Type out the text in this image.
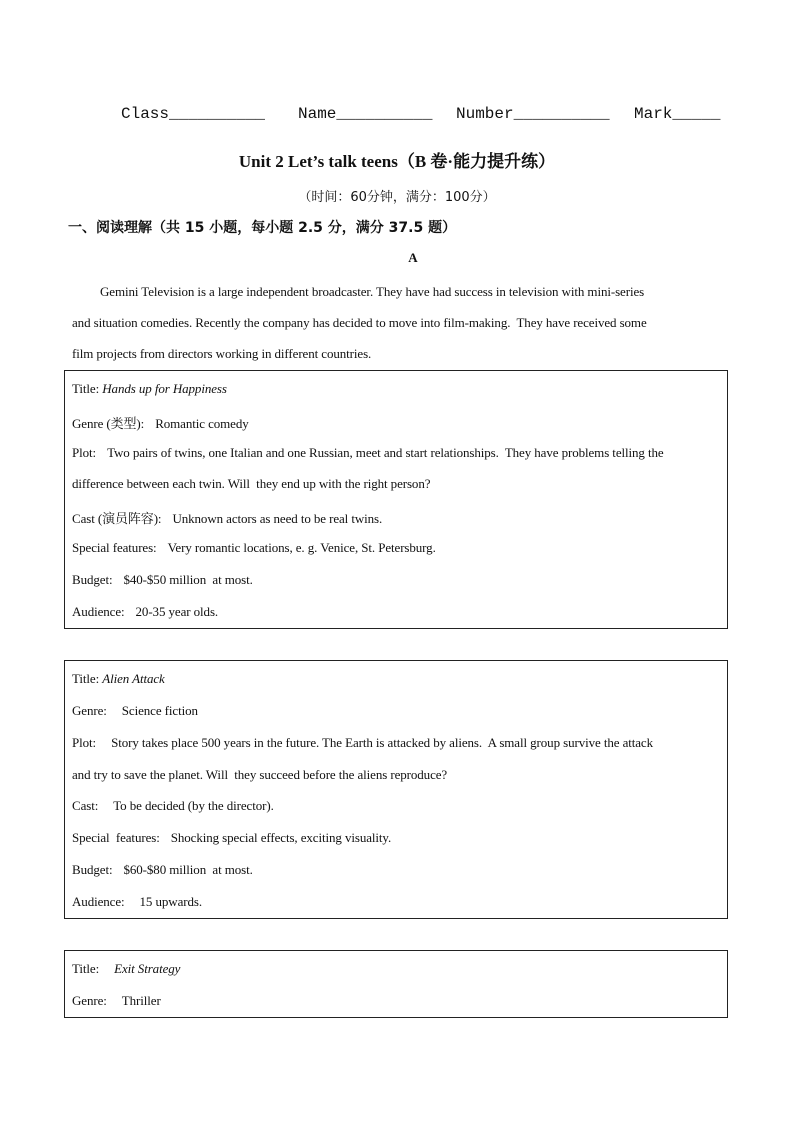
Class__________ Name__________ Number__________ Mark_____
Unit 2 Let’s talk teens（B 卷·能力提升练）
（时间：60分钟，满分：100分）
一、阅读理解（共 15 小题，每小题 2.5 分，满分 37.5 题）
A
Gemini Television is a large independent broadcaster. They have had success in television with mini-series
and situation comedies. Recently the company has decided to move into film-making.  They have received some
film projects from directors working in different countries.
Title: Hands up for Happiness
Genre (类型): Romantic comedy
Plot: Two pairs of twins, one Italian and one Russian, meet and start relationships.  They have problems telling the
difference between each twin. Will  they end up with the right person?
Cast (演员阵容): Unknown actors as need to be real twins.
Special features: Very romantic locations, e. g. Venice, St. Petersburg.
Budget: $40-$50 million  at most.
Audience: 20-35 year olds.
Title: Alien Attack
Genre: Science fiction
Plot: Story takes place 500 years in the future. The Earth is attacked by aliens.  A small group survive the attack
and try to save the planet. Will  they succeed before the aliens reproduce?
Cast: To be decided (by the director).
Special  features: Shocking special effects, exciting visuality.
Budget: $60-$80 million  at most.
Audience: 15 upwards.
Title: Exit Strategy
Genre: Thriller
